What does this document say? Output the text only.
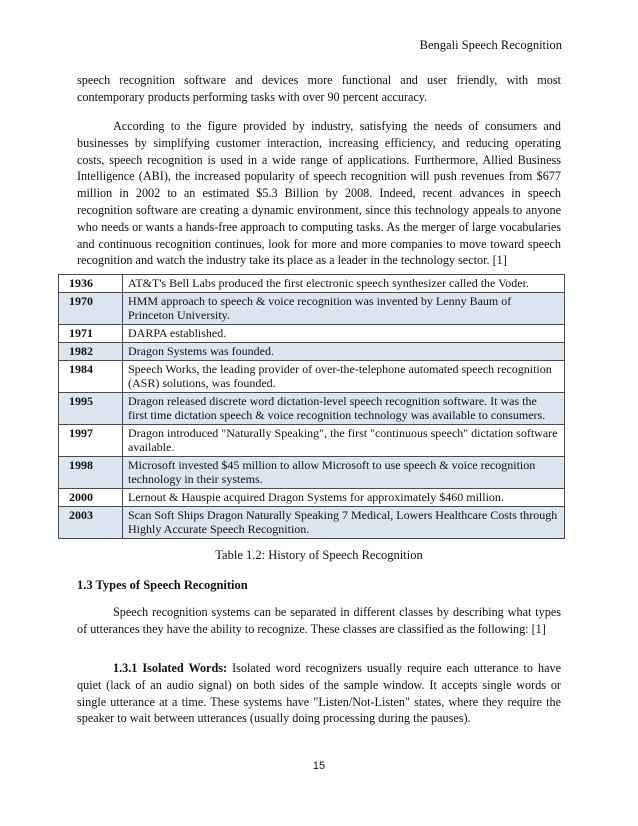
Bengali Speech Recognition

speech recognition software and devices more functional and user friendly, with most contemporary products performing tasks with over 90 percent accuracy.

According to the figure provided by industry, satisfying the needs of consumers and businesses by simplifying customer interaction, increasing efficiency, and reducing operating costs, speech recognition is used in a wide range of applications. Furthermore, Allied Business Intelligence (ABI), the increased popularity of speech recognition will push revenues from $677 million in 2002 to an estimated $5.3 Billion by 2008. Indeed, recent advances in speech recognition software are creating a dynamic environment, since this technology appeals to anyone who needs or wants a hands-free approach to computing tasks. As the merger of large vocabularies and continuous recognition continues, look for more and more companies to move toward speech recognition and watch the industry take its place as a leader in the technology sector. [1]

1936	AT&T's Bell Labs produced the first electronic speech synthesizer called the Voder.
1970	HMM approach to speech & voice recognition was invented by Lenny Baum of Princeton University.
1971	DARPA established.
1982	Dragon Systems was founded.
1984	Speech Works, the leading provider of over-the-telephone automated speech recognition (ASR) solutions, was founded.
1995	Dragon released discrete word dictation-level speech recognition software. It was the first time dictation speech & voice recognition technology was available to consumers.
1997	Dragon introduced "Naturally Speaking", the first "continuous speech" dictation software available.
1998	Microsoft invested $45 million to allow Microsoft to use speech & voice recognition technology in their systems.
2000	Lernout & Hauspie acquired Dragon Systems for approximately $460 million.
2003	Scan Soft Ships Dragon Naturally Speaking 7 Medical, Lowers Healthcare Costs through Highly Accurate Speech Recognition.
Table 1.2: History of Speech Recognition
1.3 Types of Speech Recognition

Speech recognition systems can be separated in different classes by describing what types of utterances they have the ability to recognize. These classes are classified as the following: [1]

1.3.1 Isolated Words: Isolated word recognizers usually require each utterance to have quiet (lack of an audio signal) on both sides of the sample window. It accepts single words or single utterance at a time. These systems have "Listen/Not-Listen" states, where they require the speaker to wait between utterances (usually doing processing during the pauses).

15
